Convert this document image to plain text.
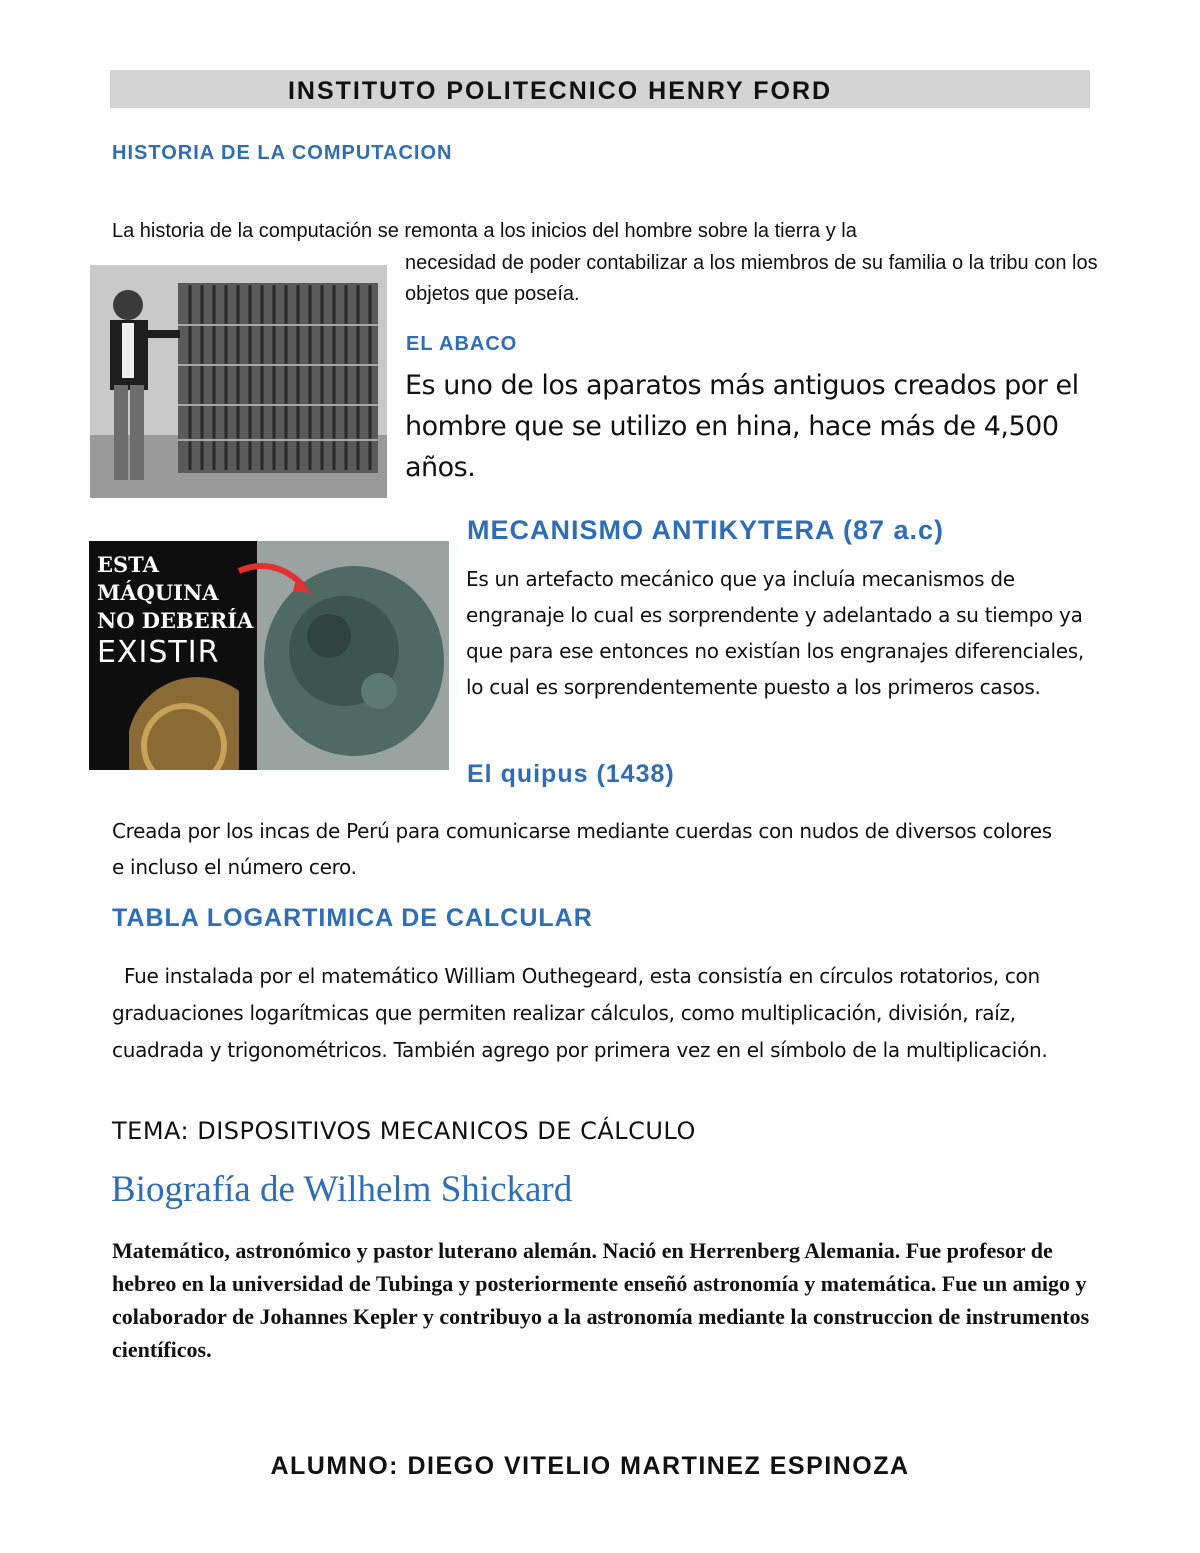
INSTITUTO POLITECNICO HENRY FORD
HISTORIA DE LA COMPUTACION
La historia de la computación se remonta a los inicios del hombre sobre la tierra y la
necesidad de poder contabilizar a los miembros de su familia o la tribu con los objetos que poseía.
EL ABACO
Es uno de los aparatos más antiguos creados por el hombre que se utilizo en hina, hace más de 4,500 años.
ESTA
MÁQUINA
NO DEBERÍA
EXISTIR
MECANISMO ANTIKYTERA (87 a.c)
Es un artefacto mecánico que ya incluía mecanismos de engranaje lo cual es sorprendente y adelantado a su tiempo ya que para ese entonces no existían los engranajes diferenciales, lo cual es sorprendentemente puesto a los primeros casos.
El quipus (1438)
Creada por los incas de Perú para comunicarse mediante cuerdas con nudos de diversos colores e incluso el número cero.
TABLA LOGARTIMICA DE CALCULAR
Fue instalada por el matemático William Outhegeard, esta consistía en círculos rotatorios, con graduaciones logarítmicas que permiten realizar cálculos, como multiplicación, división, raíz, cuadrada y trigonométricos. También agrego por primera vez en el símbolo de la multiplicación.
TEMA: DISPOSITIVOS MECANICOS DE CÁLCULO
Biografía de Wilhelm Shickard
Matemático, astronómico y pastor luterano alemán. Nació en Herrenberg Alemania. Fue profesor de hebreo en la universidad de Tubinga y posteriormente enseñó astronomía y matemática. Fue un amigo y colaborador de Johannes Kepler y contribuyo a la astronomía mediante la construccion de instrumentos científicos.
ALUMNO: DIEGO VITELIO MARTINEZ ESPINOZA
